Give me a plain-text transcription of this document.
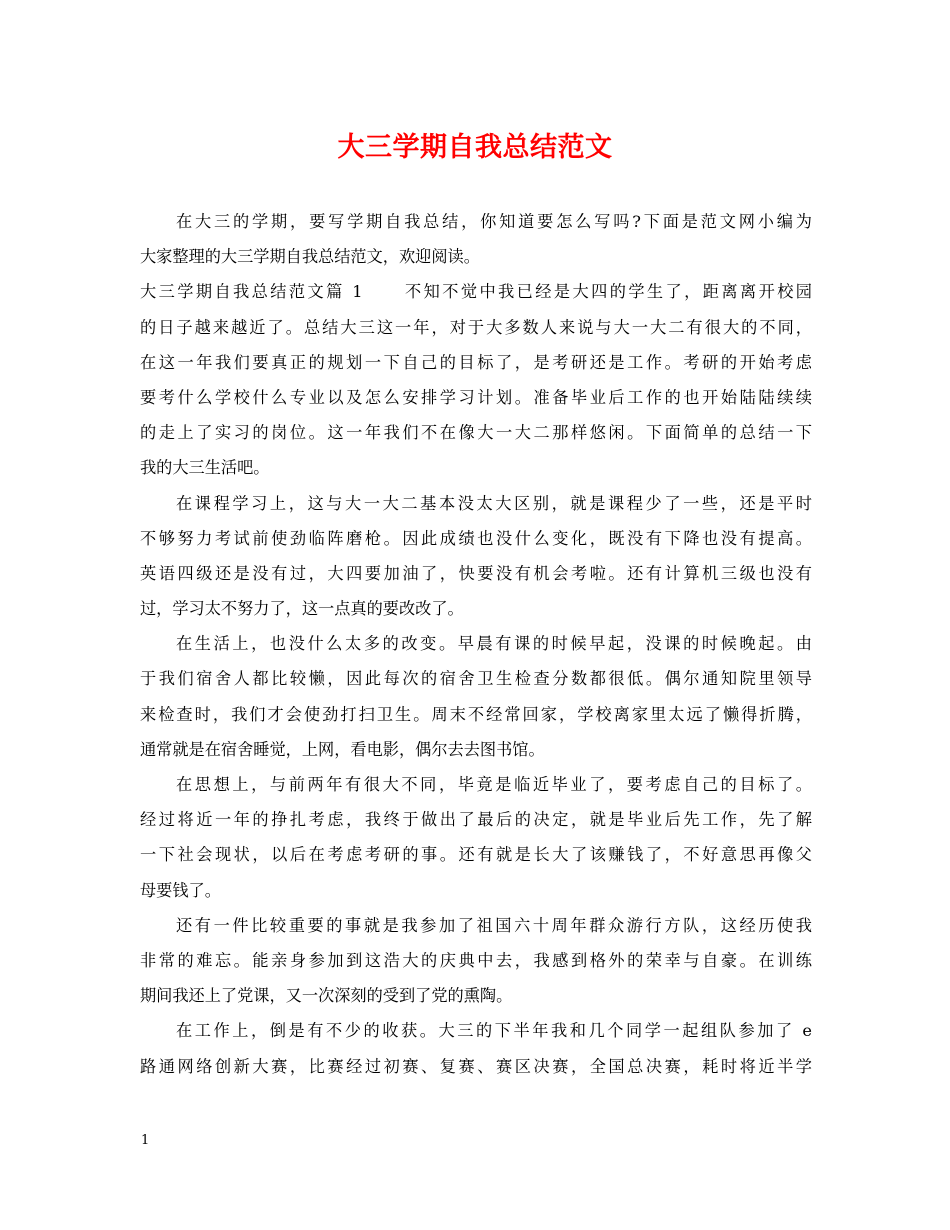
大三学期自我总结范文
在大三的学期，要写学期自我总结，你知道要怎么写吗?下面是范文网小编为
大家整理的大三学期自我总结范文，欢迎阅读。
大三学期自我总结范文篇 1 不知不觉中我已经是大四的学生了，距离离开校园
的日子越来越近了。总结大三这一年，对于大多数人来说与大一大二有很大的不同，
在这一年我们要真正的规划一下自己的目标了，是考研还是工作。考研的开始考虑
要考什么学校什么专业以及怎么安排学习计划。准备毕业后工作的也开始陆陆续续
的走上了实习的岗位。这一年我们不在像大一大二那样悠闲。下面简单的总结一下
我的大三生活吧。
在课程学习上，这与大一大二基本没太大区别，就是课程少了一些，还是平时
不够努力考试前使劲临阵磨枪。因此成绩也没什么变化，既没有下降也没有提高。
英语四级还是没有过，大四要加油了，快要没有机会考啦。还有计算机三级也没有
过，学习太不努力了，这一点真的要改改了。
在生活上，也没什么太多的改变。早晨有课的时候早起，没课的时候晚起。由
于我们宿舍人都比较懒，因此每次的宿舍卫生检查分数都很低。偶尔通知院里领导
来检查时，我们才会使劲打扫卫生。周末不经常回家，学校离家里太远了懒得折腾，
通常就是在宿舍睡觉，上网，看电影，偶尔去去图书馆。
在思想上，与前两年有很大不同，毕竟是临近毕业了，要考虑自己的目标了。
经过将近一年的挣扎考虑，我终于做出了最后的决定，就是毕业后先工作，先了解
一下社会现状，以后在考虑考研的事。还有就是长大了该赚钱了，不好意思再像父
母要钱了。
还有一件比较重要的事就是我参加了祖国六十周年群众游行方队，这经历使我
非常的难忘。能亲身参加到这浩大的庆典中去，我感到格外的荣幸与自豪。在训练
期间我还上了党课，又一次深刻的受到了党的熏陶。
在工作上，倒是有不少的收获。大三的下半年我和几个同学一起组队参加了 e
路通网络创新大赛，比赛经过初赛、复赛、赛区决赛，全国总决赛，耗时将近半学
1
